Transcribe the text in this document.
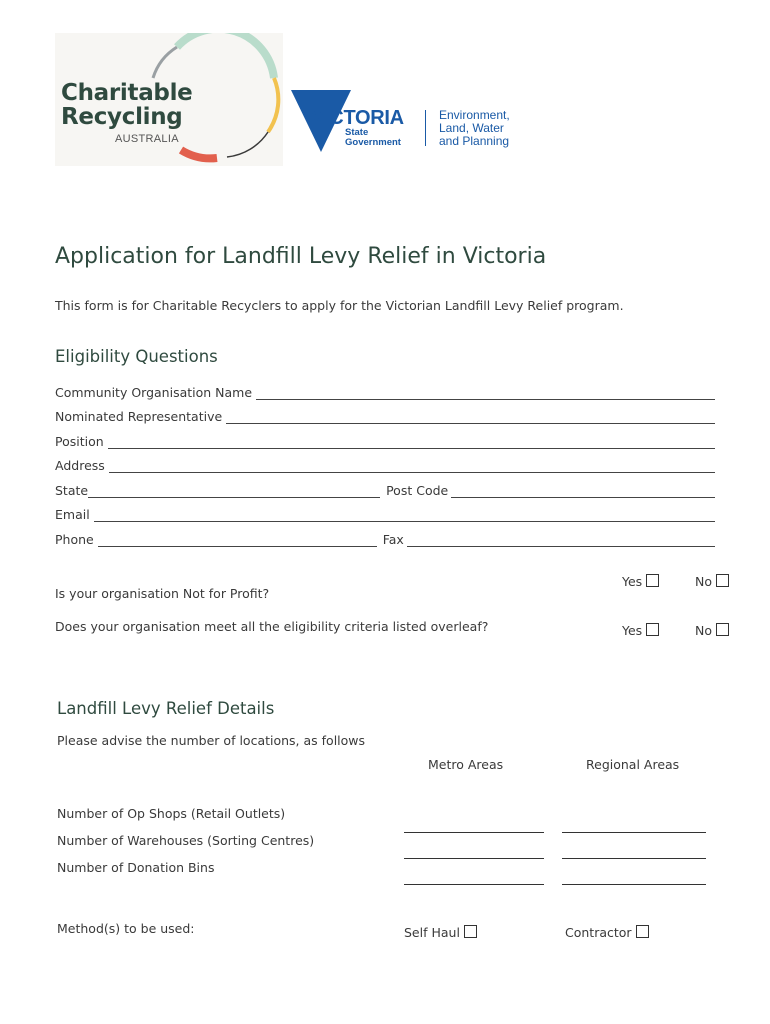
Charitable
Recycling
AUSTRALIA
VICTORIA
State
Government
Environment,
Land, Water
and Planning
Application for Landfill Levy Relief in Victoria
This form is for Charitable Recyclers to apply for the Victorian Landfill Levy Relief program.
Eligibility Questions
Community Organisation Name
Nominated Representative
Position
Address
State	Post Code
Email
Phone	Fax
Is your organisation Not for Profit?
Yes	No
Does your organisation meet all the eligibility criteria listed overleaf?	Yes	No
Landfill Levy Relief Details
Please advise the number of locations, as follows
Metro Areas	Regional Areas
Number of Op Shops (Retail Outlets)
Number of Warehouses (Sorting Centres)
Number of Donation Bins
Method(s) to be used:	Self Haul	Contractor
